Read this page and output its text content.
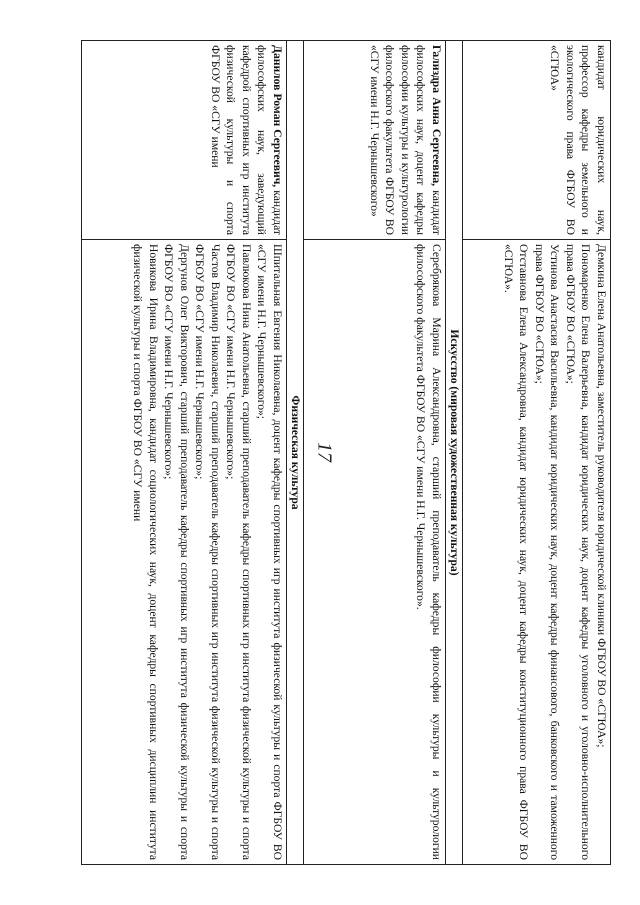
17

кандидат юридических наук, профессор кафедры земельного и экологического права ФГБОУ ВО «СГЮА»	Демкина Елена Анатольевна, заместитель руководителя юридической клиники ФГБОУ ВО «СГЮА»;

Пономаренко Елена Валерьевна, кандидат юридических наук, доцент кафедры уголовного и уголовно-исполнительного права ФГБОУ ВО «СГЮА»;

Устинова Анастасия Васильевна, кандидат юридических наук, доцент кафедры финансового, банковского и таможенного права ФГБОУ ВО «СГЮА»;

Отставнова Елена Александровна, кандидат юридических наук, доцент кафедры конституционного права ФГБОУ ВО «СГЮА».

Искусство (мировая художественная культура)	

Гализдра Анна Сергеевна, кандидат философских наук, доцент кафедры философии культуры и культурологии философского факультета ФГБОУ ВО «СГУ имени Н.Г. Чернышевского»	Серебрякова Марина Александровна, старший преподаватель кафедры философии культуры и культурологии философского факультета ФГБОУ ВО «СГУ имени Н.Г. Чернышевского».

Физическая культура	

Данилов Роман Сергеевич, кандидат философских наук, заведующий кафедрой спортивных игр института физической культуры и спорта ФГБОУ ВО «СГУ имени	Шпитальная Евгения Николаевна, доцент кафедры спортивных игр института физической культуры и спорта ФГБОУ ВО «СГУ имени Н.Г. Чернышевского»;

Павлюкова Нина Анатольевна, старший преподаватель кафедры спортивных игр института физической культуры и спорта ФГБОУ ВО «СГУ имени Н.Г. Чернышевского»;

Частов Владимир Николаевич, старший преподаватель кафедры спортивных игр института физической культуры и спорта ФГБОУ ВО «СГУ имени Н.Г. Чернышевского»;

Дергунов Олег Викторович, старший преподаватель кафедры спортивных игр института физической культуры и спорта ФГБОУ ВО «СГУ имени Н.Г. Чернышевского»;

Новикова Ирина Владимировна, кандидат социологических наук, доцент кафедры спортивных дисциплин института физической культуры и спорта ФГБОУ ВО «СГУ имени
